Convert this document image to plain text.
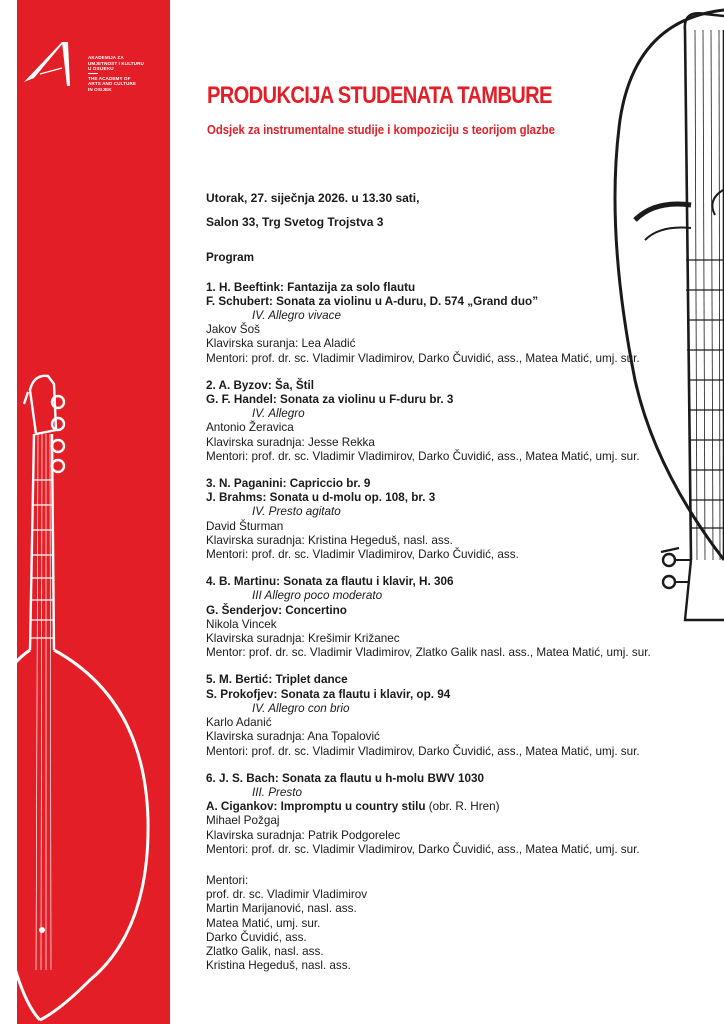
AKADEMIJA ZA
UMJETNOST I KULTURU
U OSIJEKU
THE ACADEMY OF
ARTS AND CULTURE
IN OSIJEK	PRODUKCIJA STUDENATA TAMBURE
Odsjek za instrumentalne studije i kompoziciju s teorijom glazbe
Utorak, 27. siječnja 2026. u 13.30 sati,
Salon 33, Trg Svetog Trojstva 3
Program
1. H. Beeftink: Fantazija za solo flautu
F. Schubert: Sonata za violinu u A-duru, D. 574 „Grand duo”
IV. Allegro vivace
Jakov Šoš
Klavirska suranja: Lea Aladić
Mentori: prof. dr. sc. Vladimir Vladimirov, Darko Čuvidić, ass., Matea Matić, umj. sur.
2. A. Byzov: Ša, Štil
G. F. Handel: Sonata za violinu u F-duru br. 3
IV. Allegro
Antonio Žeravica
Klavirska suradnja: Jesse Rekka
Mentori: prof. dr. sc. Vladimir Vladimirov, Darko Čuvidić, ass., Matea Matić, umj. sur.
3. N. Paganini: Capriccio br. 9
J. Brahms: Sonata u d-molu op. 108, br. 3
IV. Presto agitato
David Šturman
Klavirska suradnja: Kristina Hegeduš, nasl. ass.
Mentori: prof. dr. sc. Vladimir Vladimirov, Darko Čuvidić, ass.
4. B. Martinu: Sonata za flautu i klavir, H. 306
III Allegro poco moderato
G. Šenderjov: Concertino
Nikola Vincek
Klavirska suradnja: Krešimir Križanec
Mentor: prof. dr. sc. Vladimir Vladimirov, Zlatko Galik nasl. ass., Matea Matić, umj. sur.
5. M. Bertić: Triplet dance
S. Prokofjev: Sonata za flautu i klavir, op. 94
IV. Allegro con brio
Karlo Adanić
Klavirska suradnja: Ana Topalović
Mentori: prof. dr. sc. Vladimir Vladimirov, Darko Čuvidić, ass., Matea Matić, umj. sur.
6. J. S. Bach: Sonata za flautu u h-molu BWV 1030
III. Presto
A. Cigankov: Impromptu u country stilu (obr. R. Hren)
Mihael Požgaj
Klavirska suradnja: Patrik Podgorelec
Mentori: prof. dr. sc. Vladimir Vladimirov, Darko Čuvidić, ass., Matea Matić, umj. sur.
Mentori:
prof. dr. sc. Vladimir Vladimirov
Martin Marijanović, nasl. ass.
Matea Matić, umj. sur.
Darko Čuvidić, ass.
Zlatko Galik, nasl. ass.
Kristina Hegeduš, nasl. ass.
